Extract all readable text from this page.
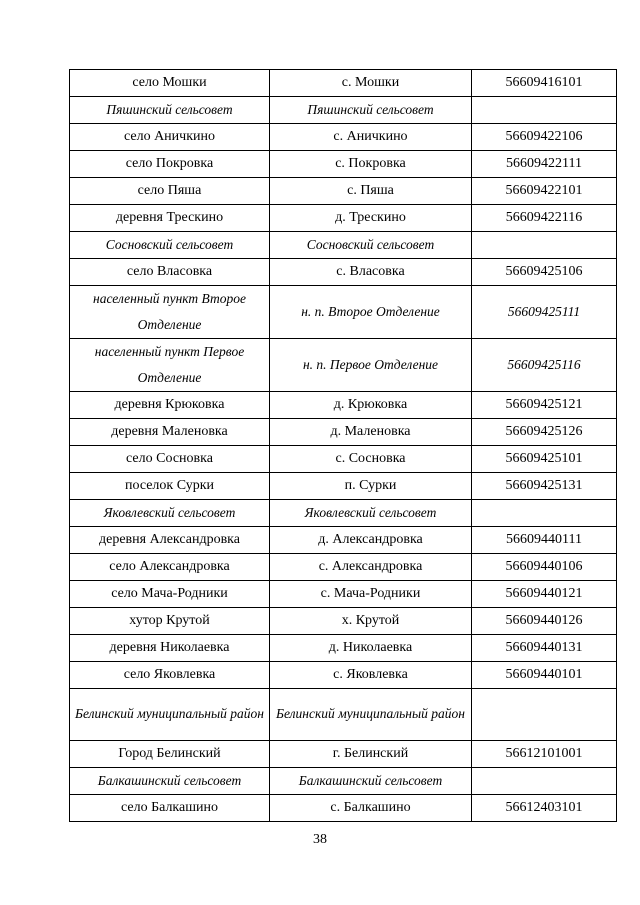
село Мошки	с. Мошки	56609416101
Пяшинский сельсовет	Пяшинский сельсовет	
село Аничкино	с. Аничкино	56609422106
село Покровка	с. Покровка	56609422111
село Пяша	с. Пяша	56609422101
деревня Трескино	д. Трескино	56609422116
Сосновский сельсовет	Сосновский сельсовет	
село Власовка	с. Власовка	56609425106
населенный пункт Второе Отделение	н. п. Второе Отделение	56609425111
населенный пункт Первое Отделение	н. п. Первое Отделение	56609425116
деревня Крюковка	д. Крюковка	56609425121
деревня Маленовка	д. Маленовка	56609425126
село Сосновка	с. Сосновка	56609425101
поселок Сурки	п. Сурки	56609425131
Яковлевский сельсовет	Яковлевский сельсовет	
деревня Александровка	д. Александровка	56609440111
село Александровка	с. Александровка	56609440106
село Мача-Родники	с. Мача-Родники	56609440121
хутор Крутой	х. Крутой	56609440126
деревня Николаевка	д. Николаевка	56609440131
село Яковлевка	с. Яковлевка	56609440101
Белинский муниципальный район	Белинский муниципальный район	
Город Белинский	г. Белинский	56612101001
Балкашинский сельсовет	Балкашинский сельсовет	
село Балкашино	с. Балкашино	56612403101
38
